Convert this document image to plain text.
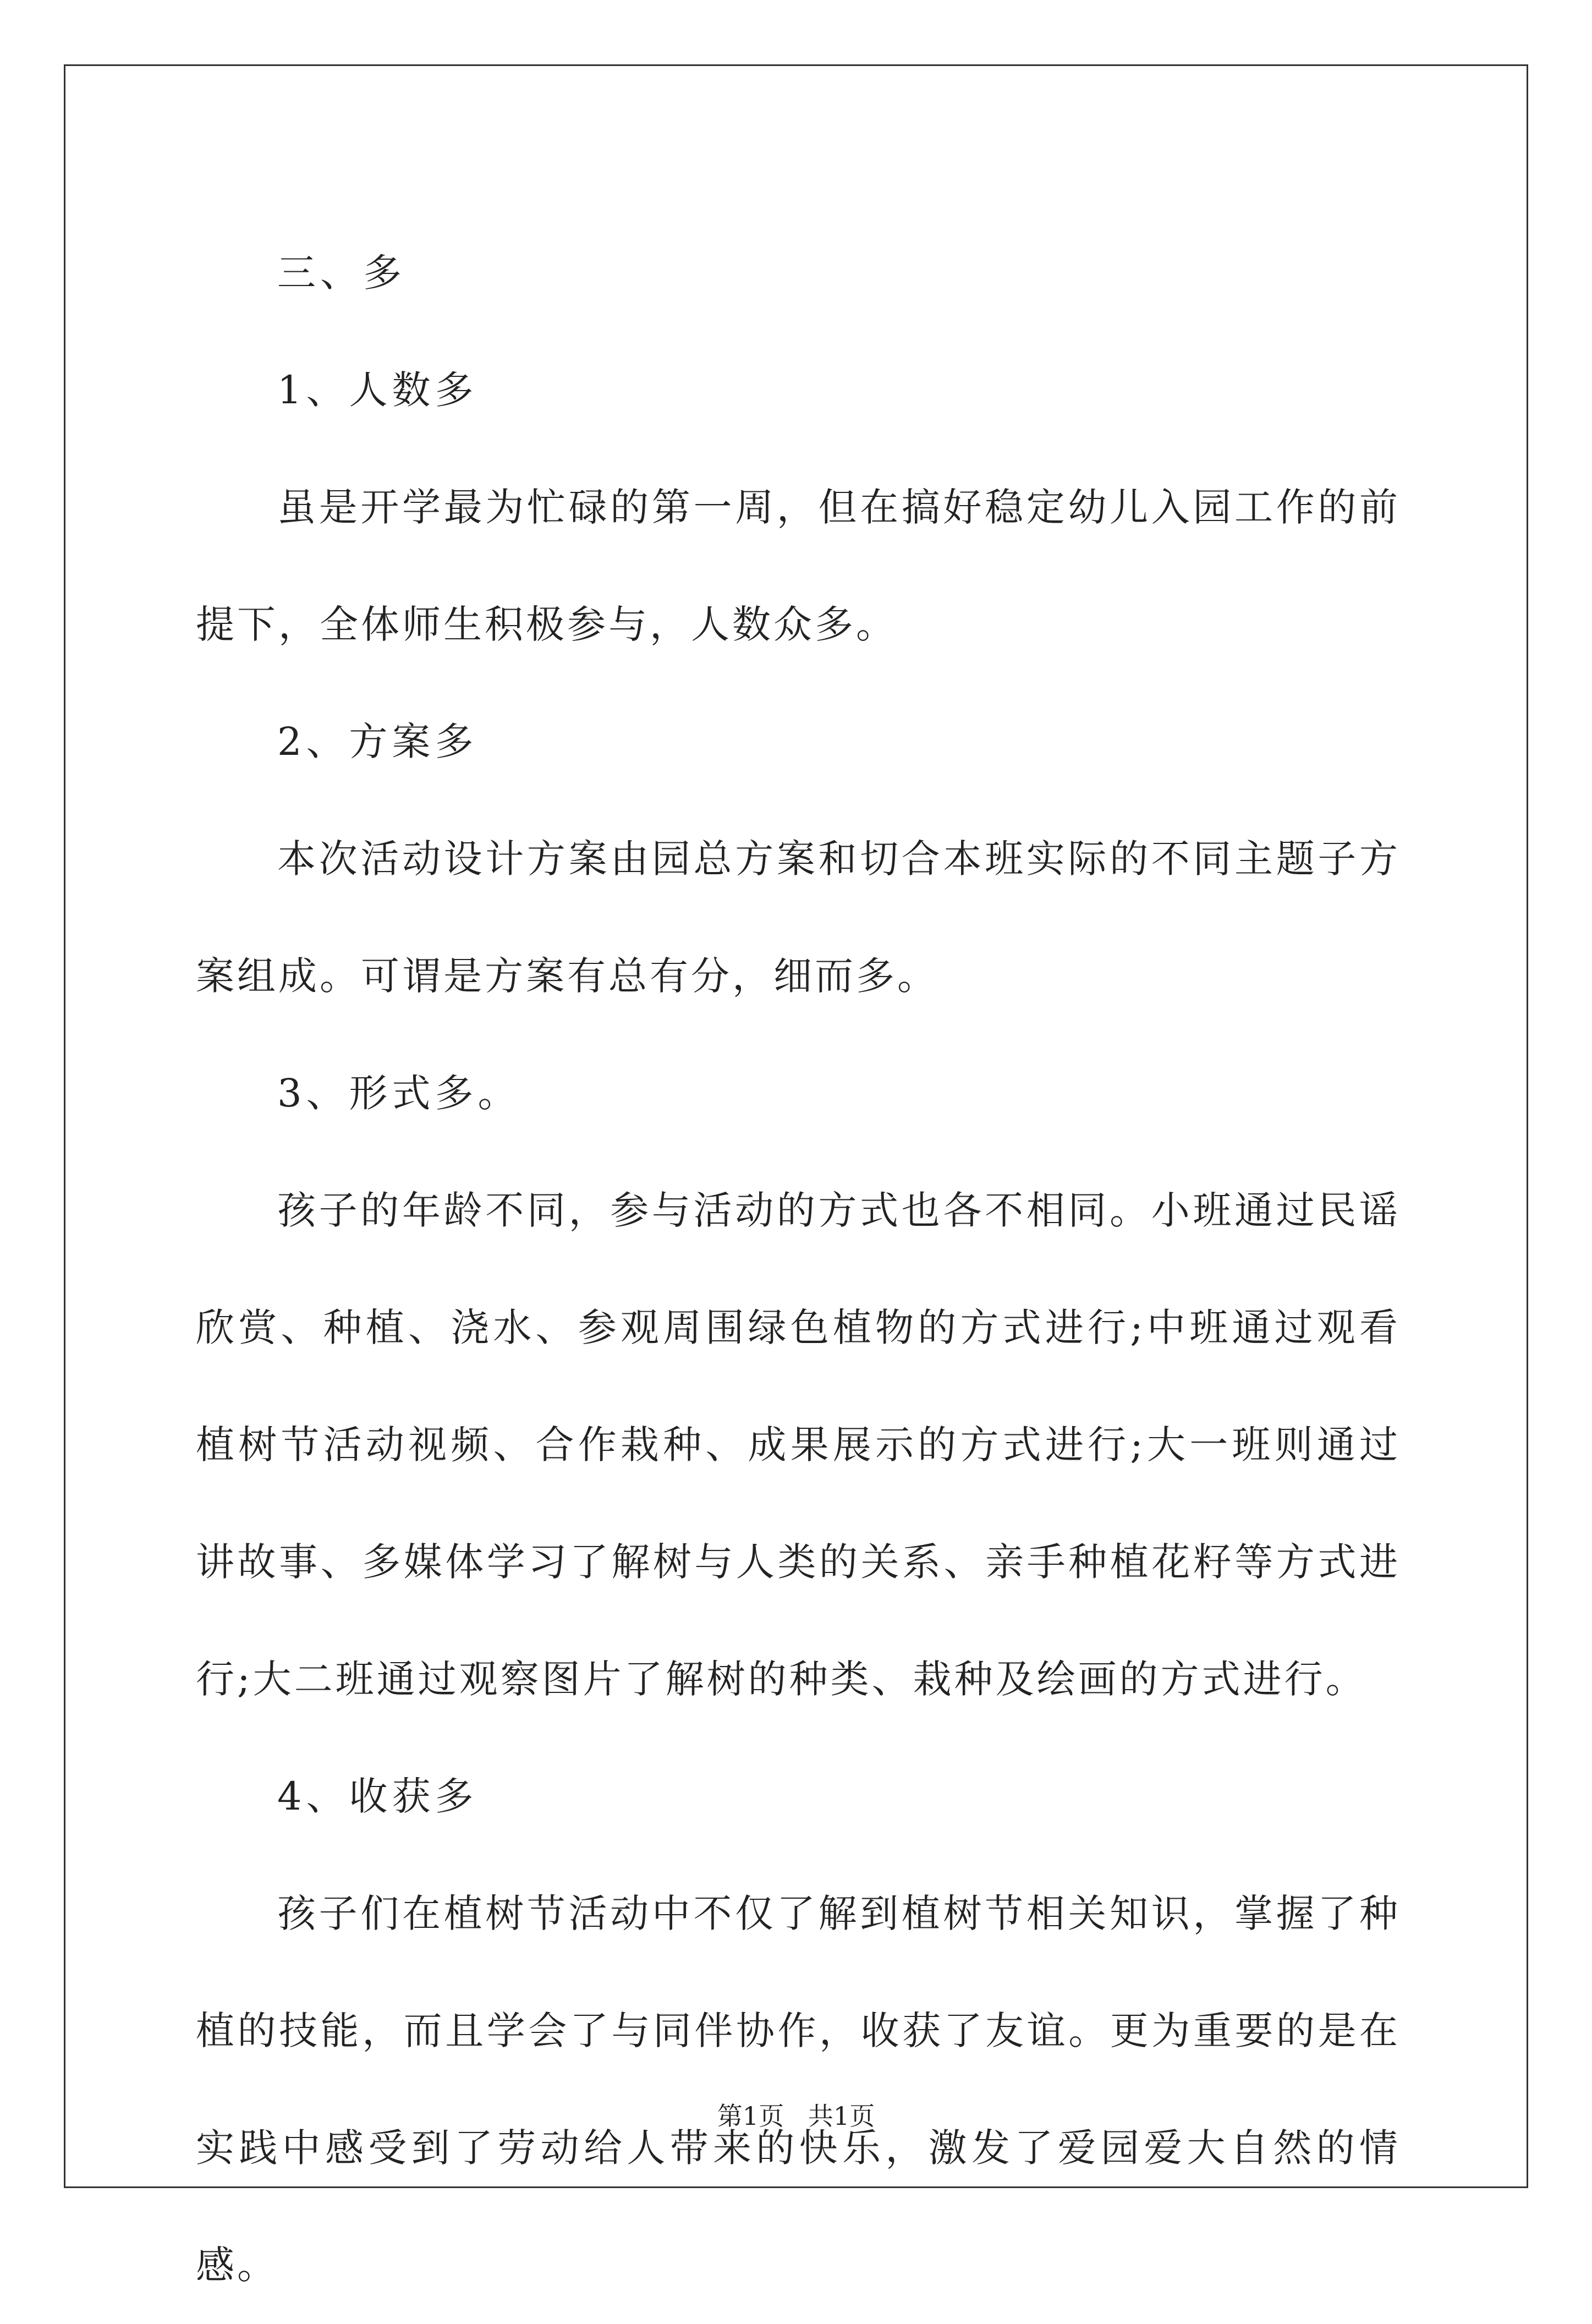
三、多

1、人数多

虽是开学最为忙碌的第一周，但在搞好稳定幼儿入园工作的前提下，全体师生积极参与，人数众多。

2、方案多

本次活动设计方案由园总方案和切合本班实际的不同主题子方案组成。可谓是方案有总有分，细而多。

3、形式多。

孩子的年龄不同，参与活动的方式也各不相同。小班通过民谣欣赏、种植、浇水、参观周围绿色植物的方式进行;中班通过观看植树节活动视频、合作栽种、成果展示的方式进行;大一班则通过讲故事、多媒体学习了解树与人类的关系、亲手种植花籽等方式进行;大二班通过观察图片了解树的种类、栽种及绘画的方式进行。

4、收获多

孩子们在植树节活动中不仅了解到植树节相关知识，掌握了种植的技能，而且学会了与同伴协作，收获了友谊。更为重要的是在实践中感受到了劳动给人带来的快乐，激发了爱园爱大自然的情感。

第1页   共1页
